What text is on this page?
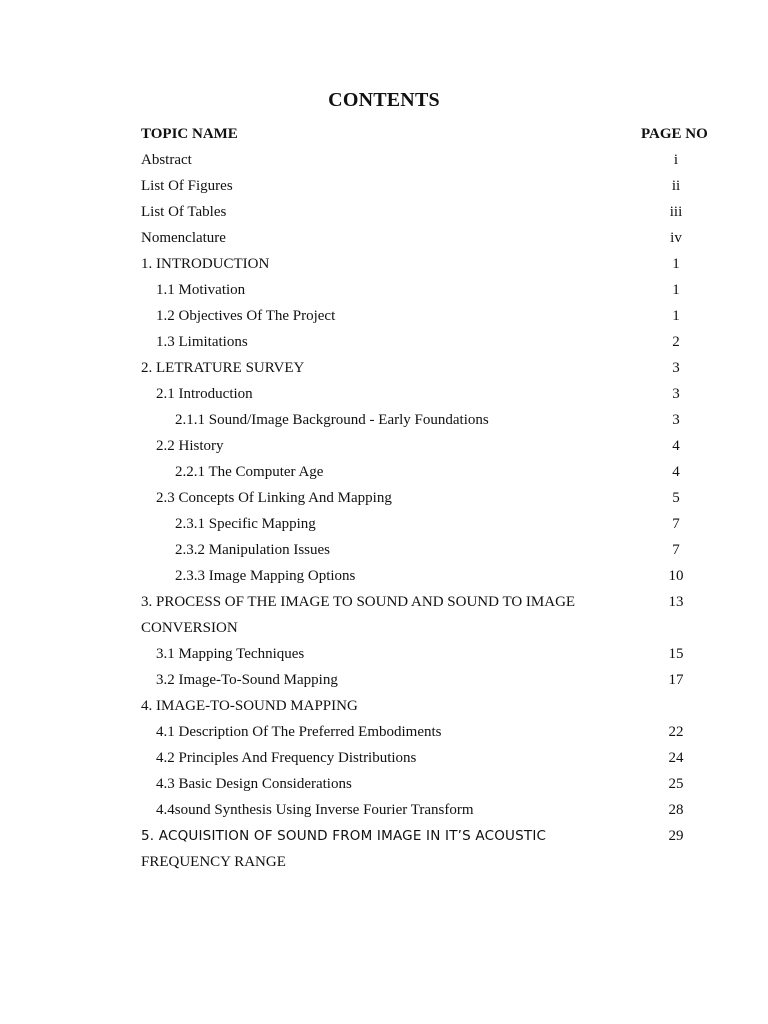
CONTENTS
TOPIC NAME	PAGE NO
Abstract	i
List Of Figures	ii
List Of Tables	iii
Nomenclature	iv
1. INTRODUCTION	1
1.1 Motivation	1
1.2 Objectives Of The Project	1
1.3 Limitations	2
2. LETRATURE SURVEY	3
2.1 Introduction	3
2.1.1 Sound/Image Background - Early Foundations	3
2.2 History	4
2.2.1 The Computer Age	4
2.3 Concepts Of Linking And Mapping	5
2.3.1 Specific Mapping	7
2.3.2 Manipulation Issues	7
2.3.3 Image Mapping Options	10
3. PROCESS OF THE IMAGE TO SOUND AND SOUND TO IMAGE	13
CONVERSION
3.1 Mapping Techniques	15
3.2 Image-To-Sound Mapping	17
4. IMAGE-TO-SOUND MAPPING
4.1 Description Of The Preferred Embodiments	22
4.2 Principles And Frequency Distributions	24
4.3 Basic Design Considerations	25
4.4sound Synthesis Using Inverse Fourier Transform	28
5. ACQUISITION OF SOUND FROM IMAGE IN IT’S ACOUSTIC	29
FREQUENCY RANGE
